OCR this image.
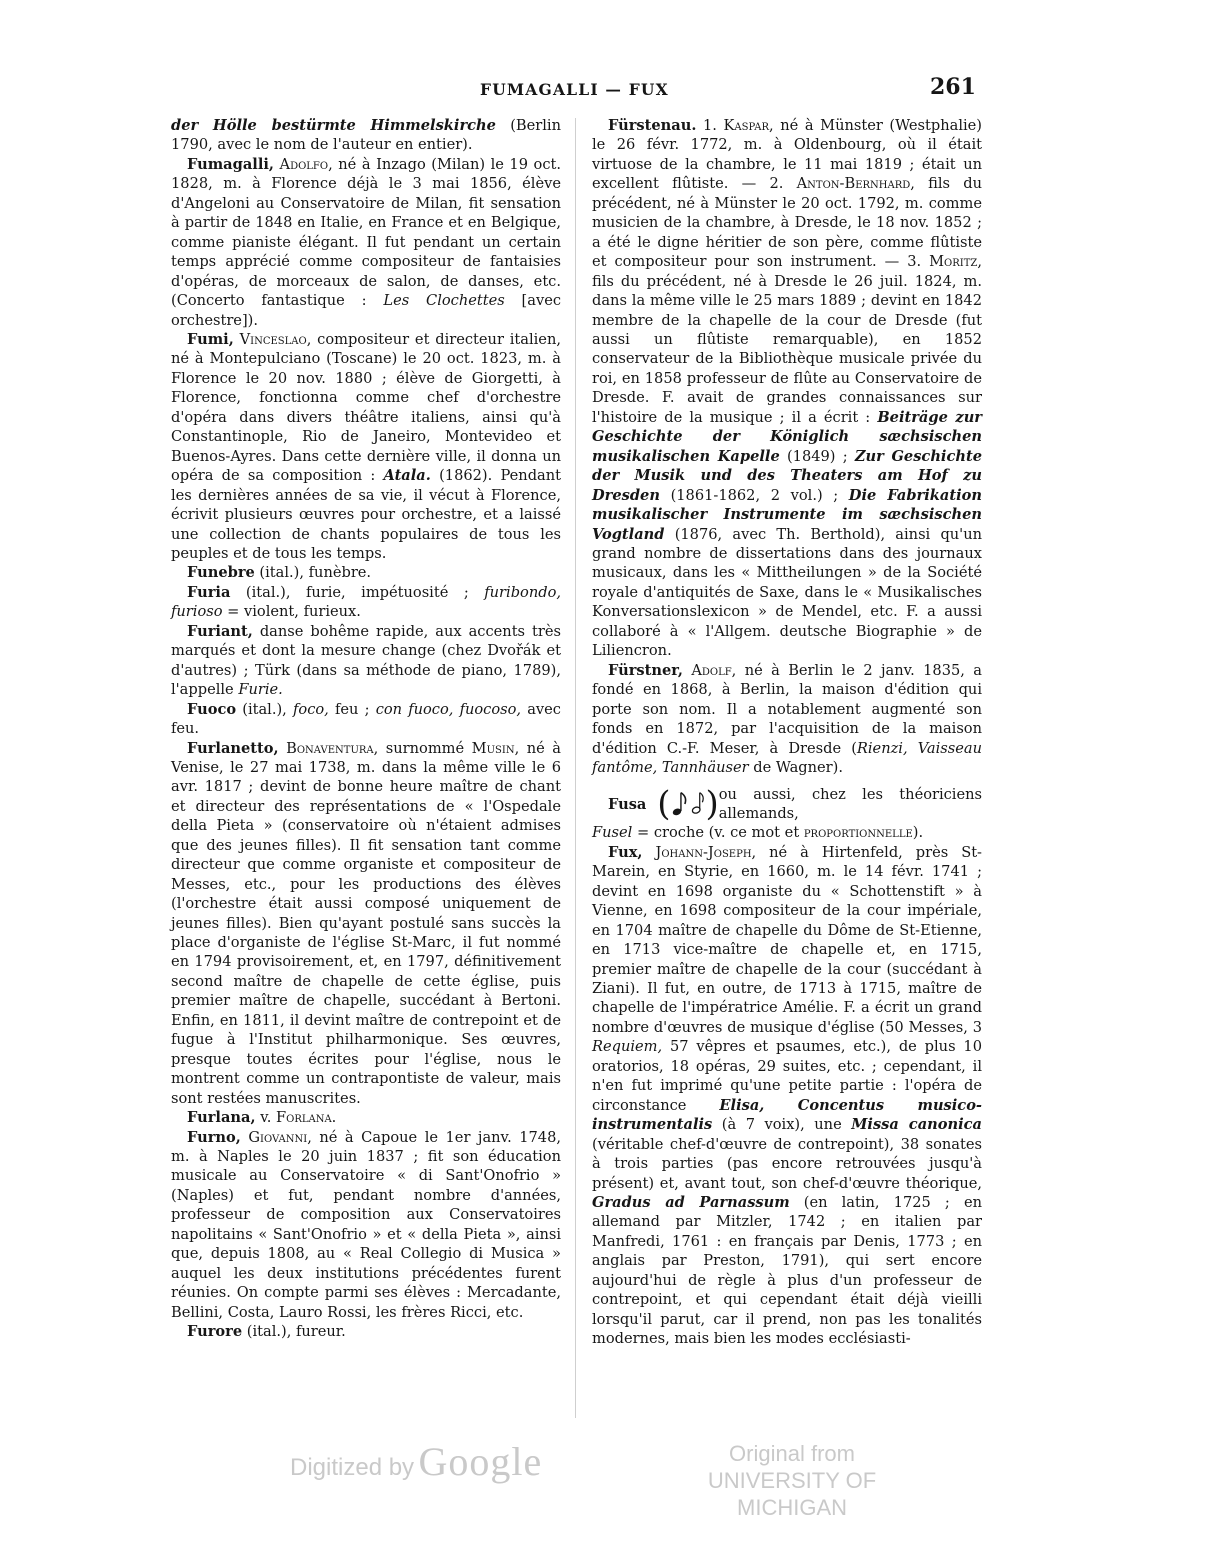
FUMAGALLI — FUX	261

der Hölle bestürmte Himmelskirche (Berlin 1790, avec le nom de l'auteur en entier).

Fumagalli, Adolfo, né à Inzago (Milan) le 19 oct. 1828, m. à Florence déjà le 3 mai 1856, élève d'Angeloni au Conservatoire de Milan, fit sensation à partir de 1848 en Italie, en France et en Belgique, comme pianiste élégant. Il fut pendant un certain temps apprécié comme compositeur de fantaisies d'opéras, de morceaux de salon, de danses, etc. (Concerto fantastique : Les Clochettes [avec orchestre]).

Fumi, Vinceslao, compositeur et directeur italien, né à Montepulciano (Toscane) le 20 oct. 1823, m. à Florence le 20 nov. 1880 ; élève de Giorgetti, à Florence, fonctionna comme chef d'orchestre d'opéra dans divers théâtre italiens, ainsi qu'à Constantinople, Rio de Janeiro, Montevideo et Buenos-Ayres. Dans cette dernière ville, il donna un opéra de sa composition : Atala. (1862). Pendant les dernières années de sa vie, il vécut à Florence, écrivit plusieurs œuvres pour orchestre, et a laissé une collection de chants populaires de tous les peuples et de tous les temps.

Funebre (ital.), funèbre.

Furia (ital.), furie, impétuosité ; furibondo, furioso = violent, furieux.

Furiant, danse bohême rapide, aux accents très marqués et dont la mesure change (chez Dvořák et d'autres) ; Türk (dans sa méthode de piano, 1789), l'appelle Furie.

Fuoco (ital.), foco, feu ; con fuoco, fuocoso, avec feu.

Furlanetto, Bonaventura, surnommé Musin, né à Venise, le 27 mai 1738, m. dans la même ville le 6 avr. 1817 ; devint de bonne heure maître de chant et directeur des représentations de « l'Ospedale della Pieta » (conservatoire où n'étaient admises que des jeunes filles). Il fit sensation tant comme directeur que comme organiste et compositeur de Messes, etc., pour les productions des élèves (l'orchestre était aussi composé uniquement de jeunes filles). Bien qu'ayant postulé sans succès la place d'organiste de l'église St-Marc, il fut nommé en 1794 provisoirement, et, en 1797, définitivement second maître de chapelle de cette église, puis premier maître de chapelle, succédant à Bertoni. Enfin, en 1811, il devint maître de contrepoint et de fugue à l'Institut philharmonique. Ses œuvres, presque toutes écrites pour l'église, nous le montrent comme un contrapontiste de valeur, mais sont restées manuscrites.

Furlana, v. Forlana.

Furno, Giovanni, né à Capoue le 1er janv. 1748, m. à Naples le 20 juin 1837 ; fit son éducation musicale au Conservatoire « di Sant'Onofrio » (Naples) et fut, pendant nombre d'années, professeur de composition aux Conservatoires napolitains « Sant'Onofrio » et « della Pieta », ainsi que, depuis 1808, au « Real Collegio di Musica » auquel les deux institutions précédentes furent réunies. On compte parmi ses élèves : Mercadante, Bellini, Costa, Lauro Rossi, les frères Ricci, etc.

Furore (ital.), fureur.

Fürstenau. 1. Kaspar, né à Münster (Westphalie) le 26 févr. 1772, m. à Oldenbourg, où il était virtuose de la chambre, le 11 mai 1819 ; était un excellent flûtiste. — 2. Anton-Bernhard, fils du précédent, né à Münster le 20 oct. 1792, m. comme musicien de la chambre, à Dresde, le 18 nov. 1852 ; a été le digne héritier de son père, comme flûtiste et compositeur pour son instrument. — 3. Moritz, fils du précédent, né à Dresde le 26 juil. 1824, m. dans la même ville le 25 mars 1889 ; devint en 1842 membre de la chapelle de la cour de Dresde (fut aussi un flûtiste remarquable), en 1852 conservateur de la Bibliothèque musicale privée du roi, en 1858 professeur de flûte au Conservatoire de Dresde. F. avait de grandes connaissances sur l'histoire de la musique ; il a écrit : Beiträge zur Geschichte der Königlich sæchsischen musikalischen Kapelle (1849) ; Zur Geschichte der Musik und des Theaters am Hof zu Dresden (1861-1862, 2 vol.) ; Die Fabrikation musikalischer Instrumente im sæchsischen Vogtland (1876, avec Th. Berthold), ainsi qu'un grand nombre de dissertations dans des journaux musicaux, dans les « Mittheilungen » de la Société royale d'antiquités de Saxe, dans le « Musikalisches Konversationslexicon » de Mendel, etc. F. a aussi collaboré à « l'Allgem. deutsche Biographie » de Liliencron.

Fürstner, Adolf, né à Berlin le 2 janv. 1835, a fondé en 1868, à Berlin, la maison d'édition qui porte son nom. Il a notablement augmenté son fonds en 1872, par l'acquisition de la maison d'édition C.-F. Meser, à Dresde (Rienzi, Vaisseau fantôme, Tannhäuser de Wagner).

Fusa ( ) ou aussi, chez les théoriciens allemands,

Fusel = croche (v. ce mot et proportionnelle).

Fux, Johann-Joseph, né à Hirtenfeld, près St-Marein, en Styrie, en 1660, m. le 14 févr. 1741 ; devint en 1698 organiste du « Schottenstift » à Vienne, en 1698 compositeur de la cour impériale, en 1704 maître de chapelle du Dôme de St-Etienne, en 1713 vice-maître de chapelle et, en 1715, premier maître de chapelle de la cour (succédant à Ziani). Il fut, en outre, de 1713 à 1715, maître de chapelle de l'impératrice Amélie. F. a écrit un grand nombre d'œuvres de musique d'église (50 Messes, 3 Requiem, 57 vêpres et psaumes, etc.), de plus 10 oratorios, 18 opéras, 29 suites, etc. ; cependant, il n'en fut imprimé qu'une petite partie : l'opéra de circonstance Elisa, Concentus musico-instrumentalis (à 7 voix), une Missa canonica (véritable chef-d'œuvre de contrepoint), 38 sonates à trois parties (pas encore retrouvées jusqu'à présent) et, avant tout, son chef-d'œuvre théorique, Gradus ad Parnassum (en latin, 1725 ; en allemand par Mitzler, 1742 ; en italien par Manfredi, 1761 : en français par Denis, 1773 ; en anglais par Preston, 1791), qui sert encore aujourd'hui de règle à plus d'un professeur de contrepoint, et qui cependant était déjà vieilli lorsqu'il parut, car il prend, non pas les tonalités modernes, mais bien les modes ecclésiasti-

Digitized by Google	Original from
UNIVERSITY OF MICHIGAN
